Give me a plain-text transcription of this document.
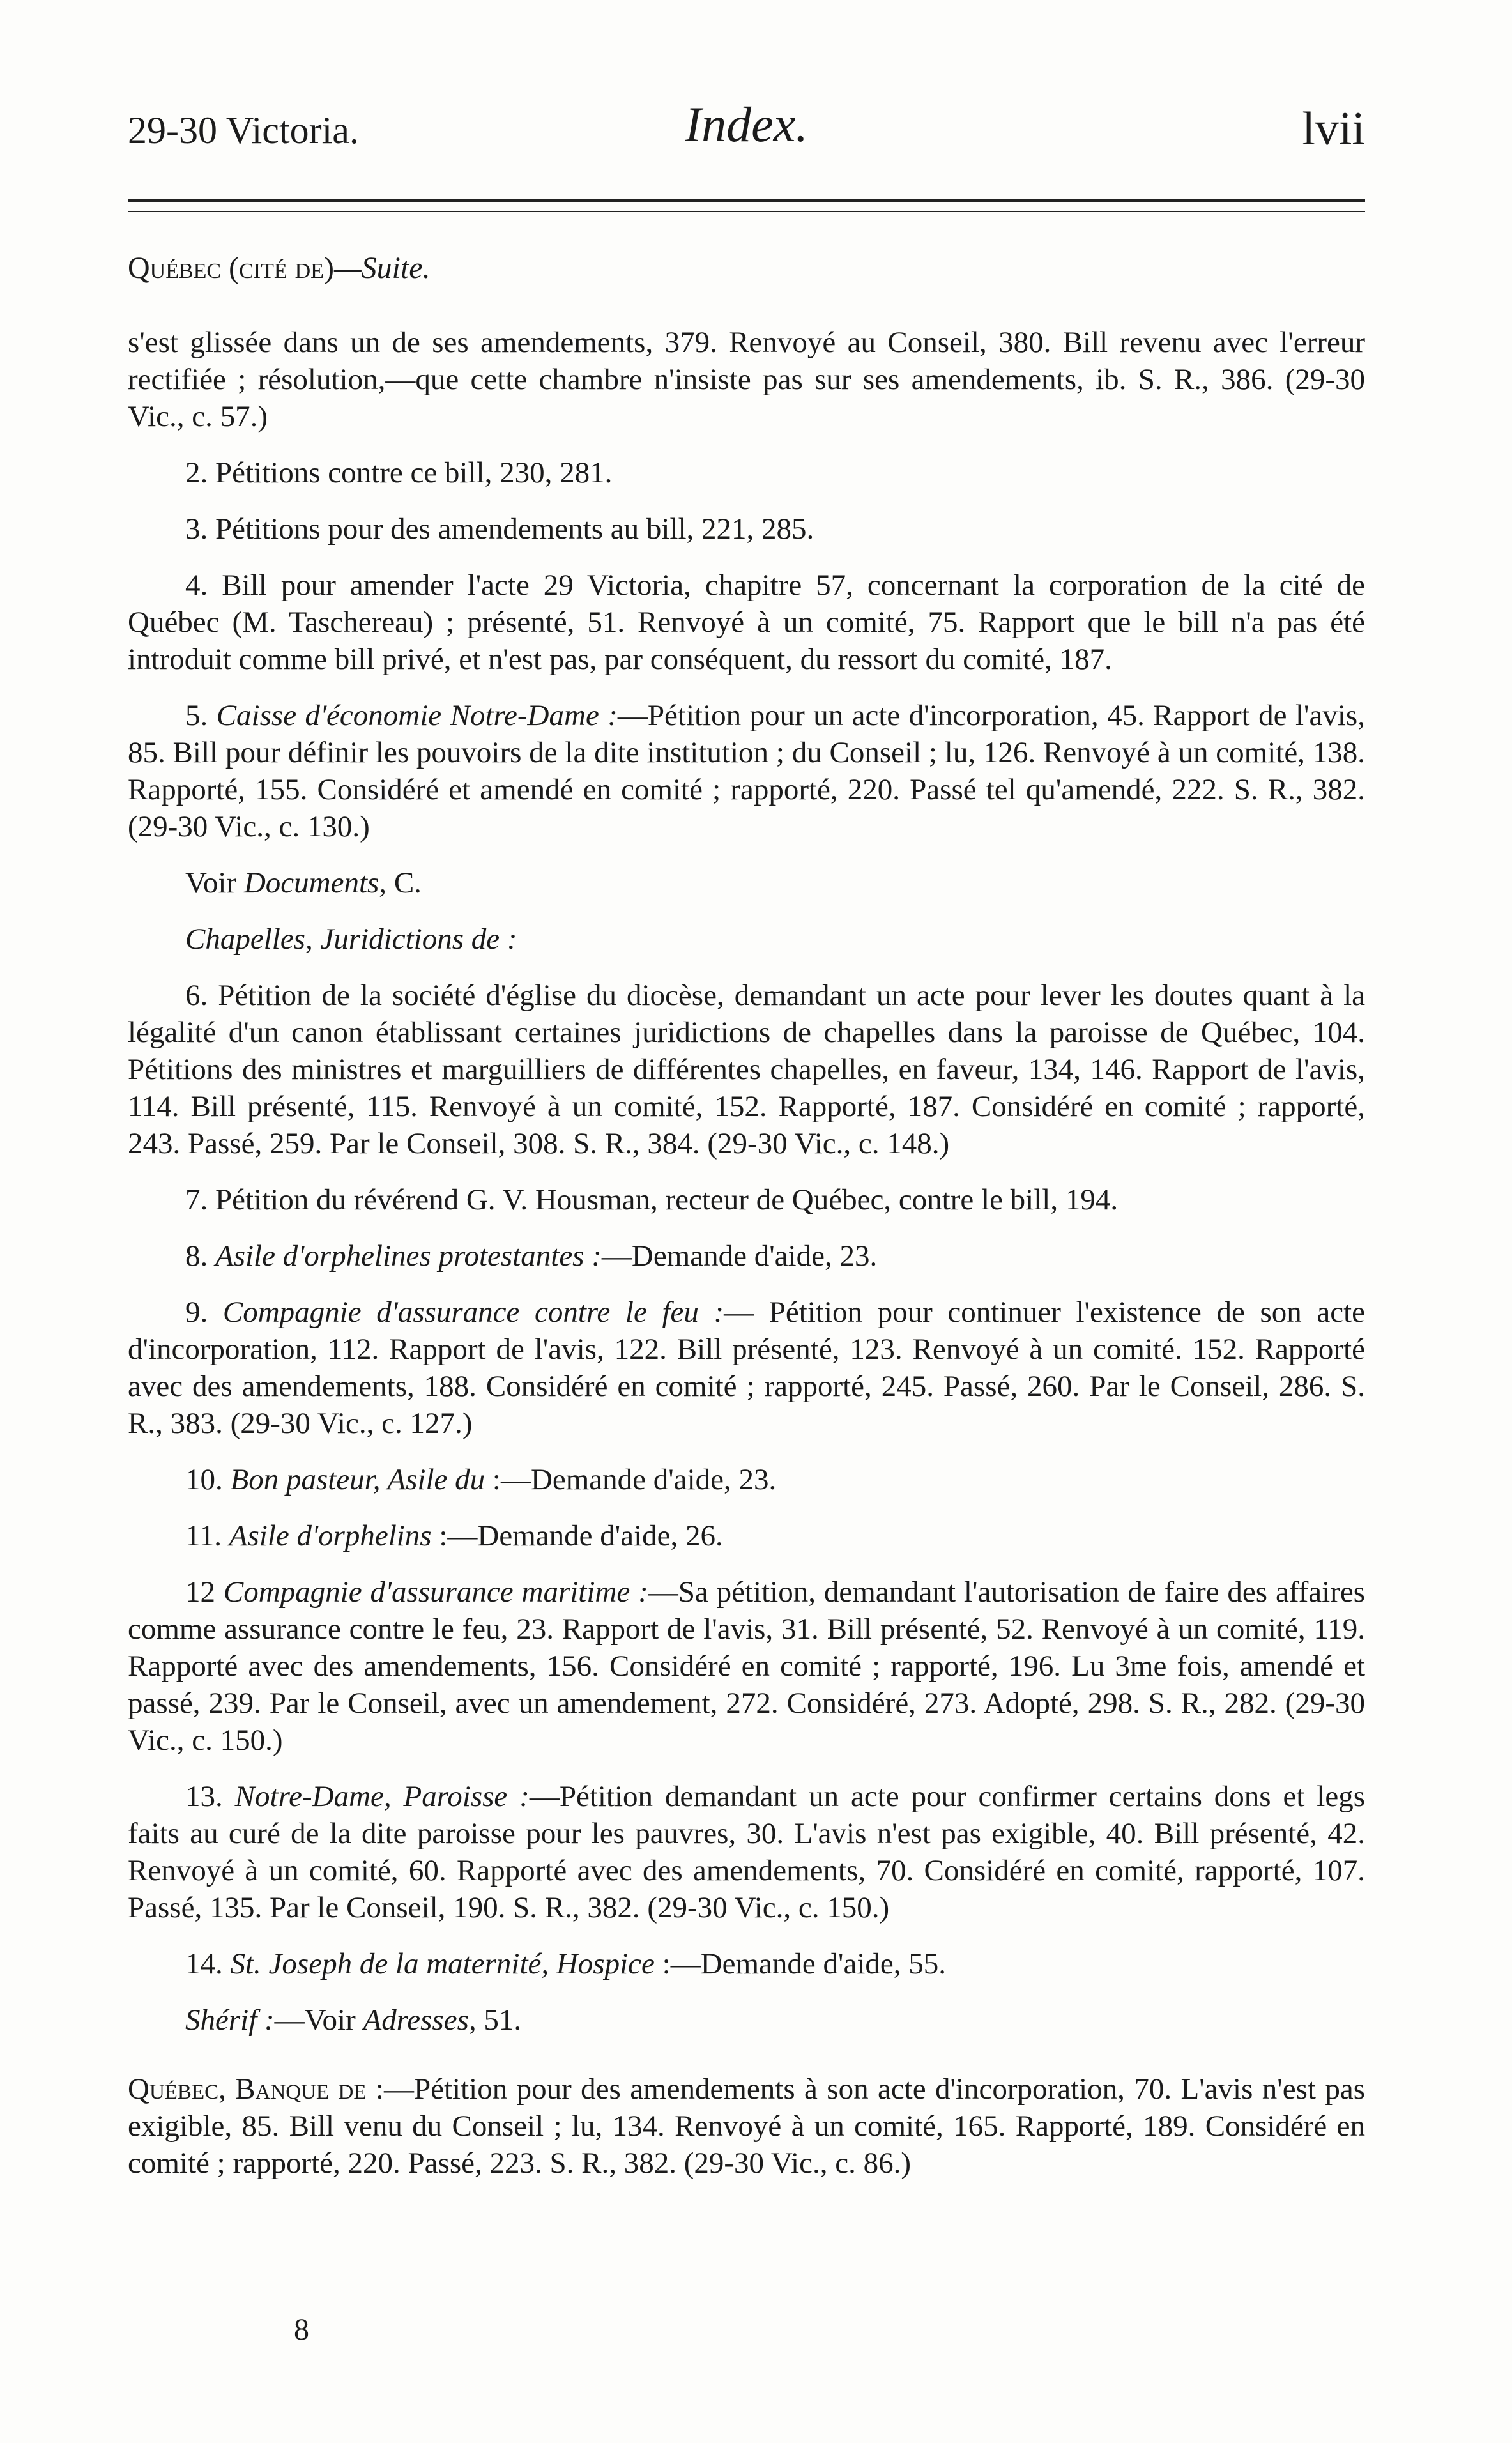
29-30 Victoria.	Index.	lvii
Québec (cité de)—Suite.

s'est glissée dans un de ses amendements, 379. Renvoyé au Conseil, 380. Bill revenu avec l'erreur rectifiée ; résolution,—que cette chambre n'insiste pas sur ses amendements, ib. S. R., 386. (29-30 Vic., c. 57.)

2. Pétitions contre ce bill, 230, 281.

3. Pétitions pour des amendements au bill, 221, 285.

4. Bill pour amender l'acte 29 Victoria, chapitre 57, concernant la corporation de la cité de Québec (M. Taschereau) ; présenté, 51. Renvoyé à un comité, 75. Rapport que le bill n'a pas été introduit comme bill privé, et n'est pas, par conséquent, du ressort du comité, 187.

5. Caisse d'économie Notre-Dame :—Pétition pour un acte d'incorporation, 45. Rapport de l'avis, 85. Bill pour définir les pouvoirs de la dite institution ; du Conseil ; lu, 126. Renvoyé à un comité, 138. Rapporté, 155. Considéré et amendé en comité ; rapporté, 220. Passé tel qu'amendé, 222. S. R., 382. (29-30 Vic., c. 130.)

Voir Documents, C.

Chapelles, Juridictions de :

6. Pétition de la société d'église du diocèse, demandant un acte pour lever les doutes quant à la légalité d'un canon établissant certaines juridictions de chapelles dans la paroisse de Québec, 104. Pétitions des ministres et marguilliers de différentes chapelles, en faveur, 134, 146. Rapport de l'avis, 114. Bill présenté, 115. Renvoyé à un comité, 152. Rapporté, 187. Considéré en comité ; rapporté, 243. Passé, 259. Par le Conseil, 308. S. R., 384. (29-30 Vic., c. 148.)

7. Pétition du révérend G. V. Housman, recteur de Québec, contre le bill, 194.

8. Asile d'orphelines protestantes :—Demande d'aide, 23.

9. Compagnie d'assurance contre le feu :— Pétition pour continuer l'existence de son acte d'incorporation, 112. Rapport de l'avis, 122. Bill présenté, 123. Renvoyé à un comité. 152. Rapporté avec des amendements, 188. Considéré en comité ; rapporté, 245. Passé, 260. Par le Conseil, 286. S. R., 383. (29-30 Vic., c. 127.)

10. Bon pasteur, Asile du :—Demande d'aide, 23.

11. Asile d'orphelins :—Demande d'aide, 26.

12 Compagnie d'assurance maritime :—Sa pétition, demandant l'autorisation de faire des affaires comme assurance contre le feu, 23. Rapport de l'avis, 31. Bill présenté, 52. Renvoyé à un comité, 119. Rapporté avec des amendements, 156. Considéré en comité ; rapporté, 196. Lu 3me fois, amendé et passé, 239. Par le Conseil, avec un amendement, 272. Considéré, 273. Adopté, 298. S. R., 282. (29-30 Vic., c. 150.)

13. Notre-Dame, Paroisse :—Pétition demandant un acte pour confirmer certains dons et legs faits au curé de la dite paroisse pour les pauvres, 30. L'avis n'est pas exigible, 40. Bill présenté, 42. Renvoyé à un comité, 60. Rapporté avec des amendements, 70. Considéré en comité, rapporté, 107. Passé, 135. Par le Conseil, 190. S. R., 382. (29-30 Vic., c. 150.)

14. St. Joseph de la maternité, Hospice :—Demande d'aide, 55.

Shérif :—Voir Adresses, 51.

Québec, Banque de :—Pétition pour des amendements à son acte d'incorporation, 70. L'avis n'est pas exigible, 85. Bill venu du Conseil ; lu, 134. Renvoyé à un comité, 165. Rapporté, 189. Considéré en comité ; rapporté, 220. Passé, 223. S. R., 382. (29-30 Vic., c. 86.)

8
